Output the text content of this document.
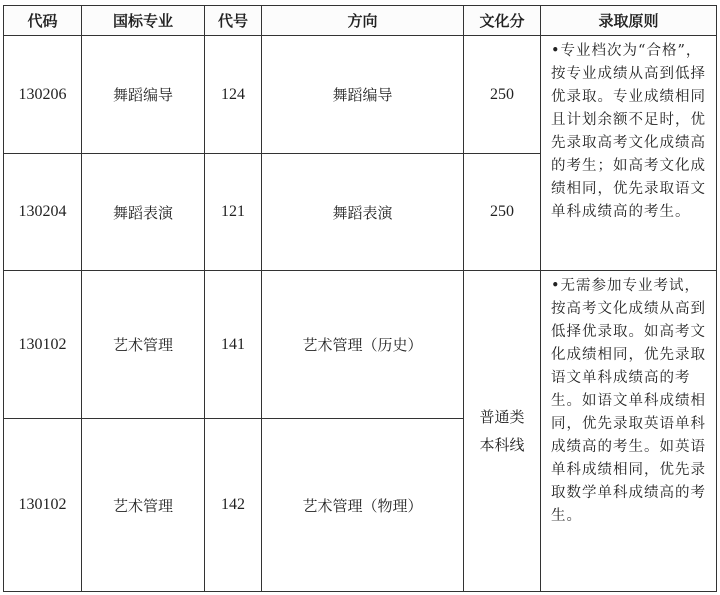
代码	国标专业	代号	方向	文化分	录取原则
130206	舞蹈编导	124	舞蹈编导	250	•专业档次为“合格”，按专业成绩从高到低择优录取。专业成绩相同且计划余额不足时，优先录取高考文化成绩高的考生；如高考文化成绩相同，优先录取语文单科成绩高的考生。
130204	舞蹈表演	121	舞蹈表演	250	
130102	艺术管理	141	艺术管理（历史）	普通类本科线	•无需参加专业考试，按高考文化成绩从高到低择优录取。如高考文化成绩相同，优先录取语文单科成绩高的考生。如语文单科成绩相同，优先录取英语单科成绩高的考生。如英语单科成绩相同，优先录取数学单科成绩高的考生。
130102	艺术管理	142	艺术管理（物理）		
